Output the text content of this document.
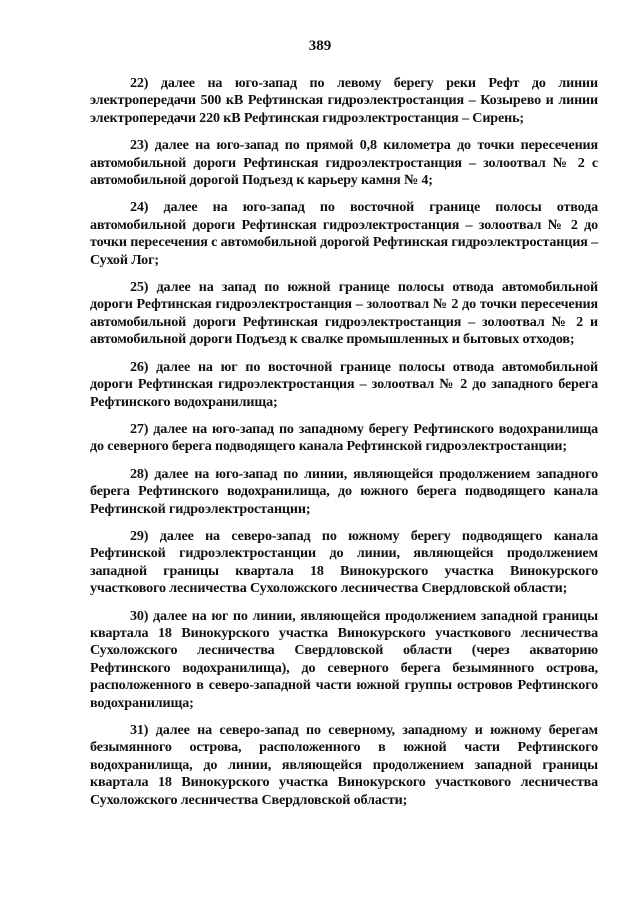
389

22) далее на юго-запад по левому берегу реки Рефт до линии электропередачи 500 кВ Рефтинская гидроэлектростанция – Козырево и линии электропередачи 220 кВ Рефтинская гидроэлектростанция – Сирень;

23) далее на юго-запад по прямой 0,8 километра до точки пересечения автомобильной дороги Рефтинская гидроэлектростанция – золоотвал № 2 с автомобильной дорогой Подъезд к карьеру камня № 4;

24) далее на юго-запад по восточной границе полосы отвода автомобильной дороги Рефтинская гидроэлектростанция – золоотвал № 2 до точки пересечения с автомобильной дорогой Рефтинская гидроэлектростанция – Сухой Лог;

25) далее на запад по южной границе полосы отвода автомобильной дороги Рефтинская гидроэлектростанция – золоотвал № 2 до точки пересечения автомобильной дороги Рефтинская гидроэлектростанция – золоотвал № 2 и автомобильной дороги Подъезд к свалке промышленных и бытовых отходов;

26) далее на юг по восточной границе полосы отвода автомобильной дороги Рефтинская гидроэлектростанция – золоотвал № 2 до западного берега Рефтинского водохранилища;

27) далее на юго-запад по западному берегу Рефтинского водохранилища до северного берега подводящего канала Рефтинской гидроэлектростанции;

28) далее на юго-запад по линии, являющейся продолжением западного берега Рефтинского водохранилища, до южного берега подводящего канала Рефтинской гидроэлектростанции;

29) далее на северо-запад по южному берегу подводящего канала Рефтинской гидроэлектростанции до линии, являющейся продолжением западной границы квартала 18 Винокурского участка Винокурского участкового лесничества Сухоложского лесничества Свердловской области;

30) далее на юг по линии, являющейся продолжением западной границы квартала 18 Винокурского участка Винокурского участкового лесничества Сухоложского лесничества Свердловской области (через акваторию Рефтинского водохранилища), до северного берега безымянного острова, расположенного в северо-западной части южной группы островов Рефтинского водохранилища;

31) далее на северо-запад по северному, западному и южному берегам безымянного острова, расположенного в южной части Рефтинского водохранилища, до линии, являющейся продолжением западной границы квартала 18 Винокурского участка Винокурского участкового лесничества Сухоложского лесничества Свердловской области;
